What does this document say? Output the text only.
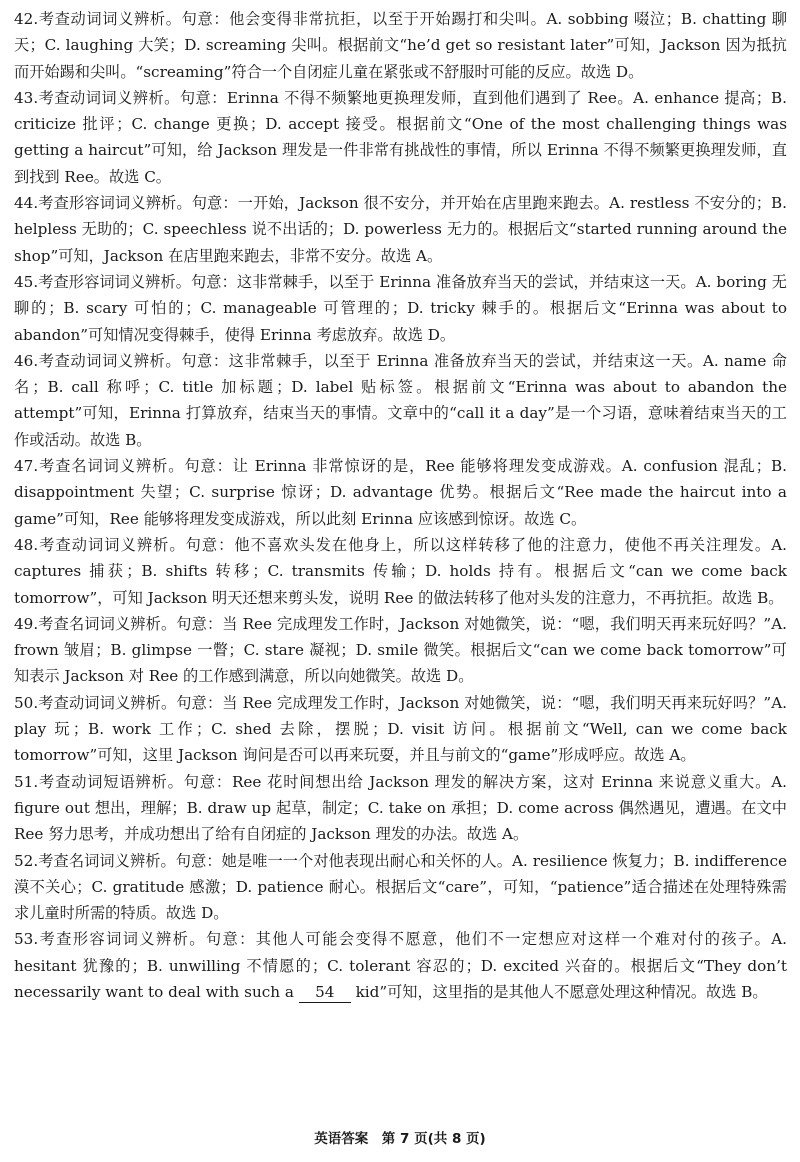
42.考查动词词义辨析。句意：他会变得非常抗拒，以至于开始踢打和尖叫。A. sobbing 啜泣；B. chatting 聊天；C. laughing 大笑；D. screaming 尖叫。根据前文“he’d get so resistant later”可知，Jackson 因为抵抗而开始踢和尖叫。“screaming”符合一个自闭症儿童在紧张或不舒服时可能的反应。故选 D。
43.考查动词词义辨析。句意：Erinna 不得不频繁地更换理发师，直到他们遇到了 Ree。A. enhance 提高；B. criticize 批评；C. change 更换；D. accept 接受。根据前文“One of the most challenging things was getting a haircut”可知，给 Jackson 理发是一件非常有挑战性的事情，所以 Erinna 不得不频繁更换理发师，直到找到 Ree。故选 C。
44.考查形容词词义辨析。句意：一开始，Jackson 很不安分，并开始在店里跑来跑去。A. restless 不安分的；B. helpless 无助的；C. speechless 说不出话的；D. powerless 无力的。根据后文“started running around the shop”可知，Jackson 在店里跑来跑去，非常不安分。故选 A。
45.考查形容词词义辨析。句意：这非常棘手，以至于 Erinna 准备放弃当天的尝试，并结束这一天。A. boring 无聊的；B. scary 可怕的；C. manageable 可管理的；D. tricky 棘手的。根据后文“Erinna was about to abandon”可知情况变得棘手，使得 Erinna 考虑放弃。故选 D。
46.考查动词词义辨析。句意：这非常棘手，以至于 Erinna 准备放弃当天的尝试，并结束这一天。A. name 命名；B. call 称呼；C. title 加标题；D. label 贴标签。根据前文“Erinna was about to abandon the attempt”可知，Erinna 打算放弃，结束当天的事情。文章中的“call it a day”是一个习语，意味着结束当天的工作或活动。故选 B。
47.考查名词词义辨析。句意：让 Erinna 非常惊讶的是，Ree 能够将理发变成游戏。A. confusion 混乱；B. disappointment 失望；C. surprise 惊讶；D. advantage 优势。根据后文“Ree made the haircut into a game”可知，Ree 能够将理发变成游戏，所以此刻 Erinna 应该感到惊讶。故选 C。
48.考查动词词义辨析。句意：他不喜欢头发在他身上，所以这样转移了他的注意力，使他不再关注理发。A. captures 捕获；B. shifts 转移；C. transmits 传输；D. holds 持有。根据后文“can we come back tomorrow”，可知 Jackson 明天还想来剪头发，说明 Ree 的做法转移了他对头发的注意力，不再抗拒。故选 B。
49.考查名词词义辨析。句意：当 Ree 完成理发工作时，Jackson 对她微笑，说：“嗯，我们明天再来玩好吗？”A. frown 皱眉；B. glimpse 一瞥；C. stare 凝视；D. smile 微笑。根据后文“can we come back tomorrow”可知表示 Jackson 对 Ree 的工作感到满意，所以向她微笑。故选 D。
50.考查动词词义辨析。句意：当 Ree 完成理发工作时，Jackson 对她微笑，说：“嗯，我们明天再来玩好吗？”A. play 玩；B. work 工作；C. shed 去除，摆脱；D. visit 访问。根据前文“Well, can we come back tomorrow”可知，这里 Jackson 询问是否可以再来玩耍，并且与前文的“game”形成呼应。故选 A。
51.考查动词短语辨析。句意：Ree 花时间想出给 Jackson 理发的解决方案，这对 Erinna 来说意义重大。A. figure out 想出，理解；B. draw up 起草，制定；C. take on 承担；D. come across 偶然遇见，遭遇。在文中 Ree 努力思考，并成功想出了给有自闭症的 Jackson 理发的办法。故选 A。
52.考查名词词义辨析。句意：她是唯一一个对他表现出耐心和关怀的人。A. resilience 恢复力；B. indifference 漠不关心；C. gratitude 感激；D. patience 耐心。根据后文“care”，可知，“patience”适合描述在处理特殊需求儿童时所需的特质。故选 D。
53.考查形容词词义辨析。句意：其他人可能会变得不愿意，他们不一定想应对这样一个难对付的孩子。A. hesitant 犹豫的；B. unwilling 不情愿的；C. tolerant 容忍的；D. excited 兴奋的。根据后文“They don’t necessarily want to deal with such a 54 kid”可知，这里指的是其他人不愿意处理这种情况。故选 B。
英语答案　第 7 页(共 8 页)
